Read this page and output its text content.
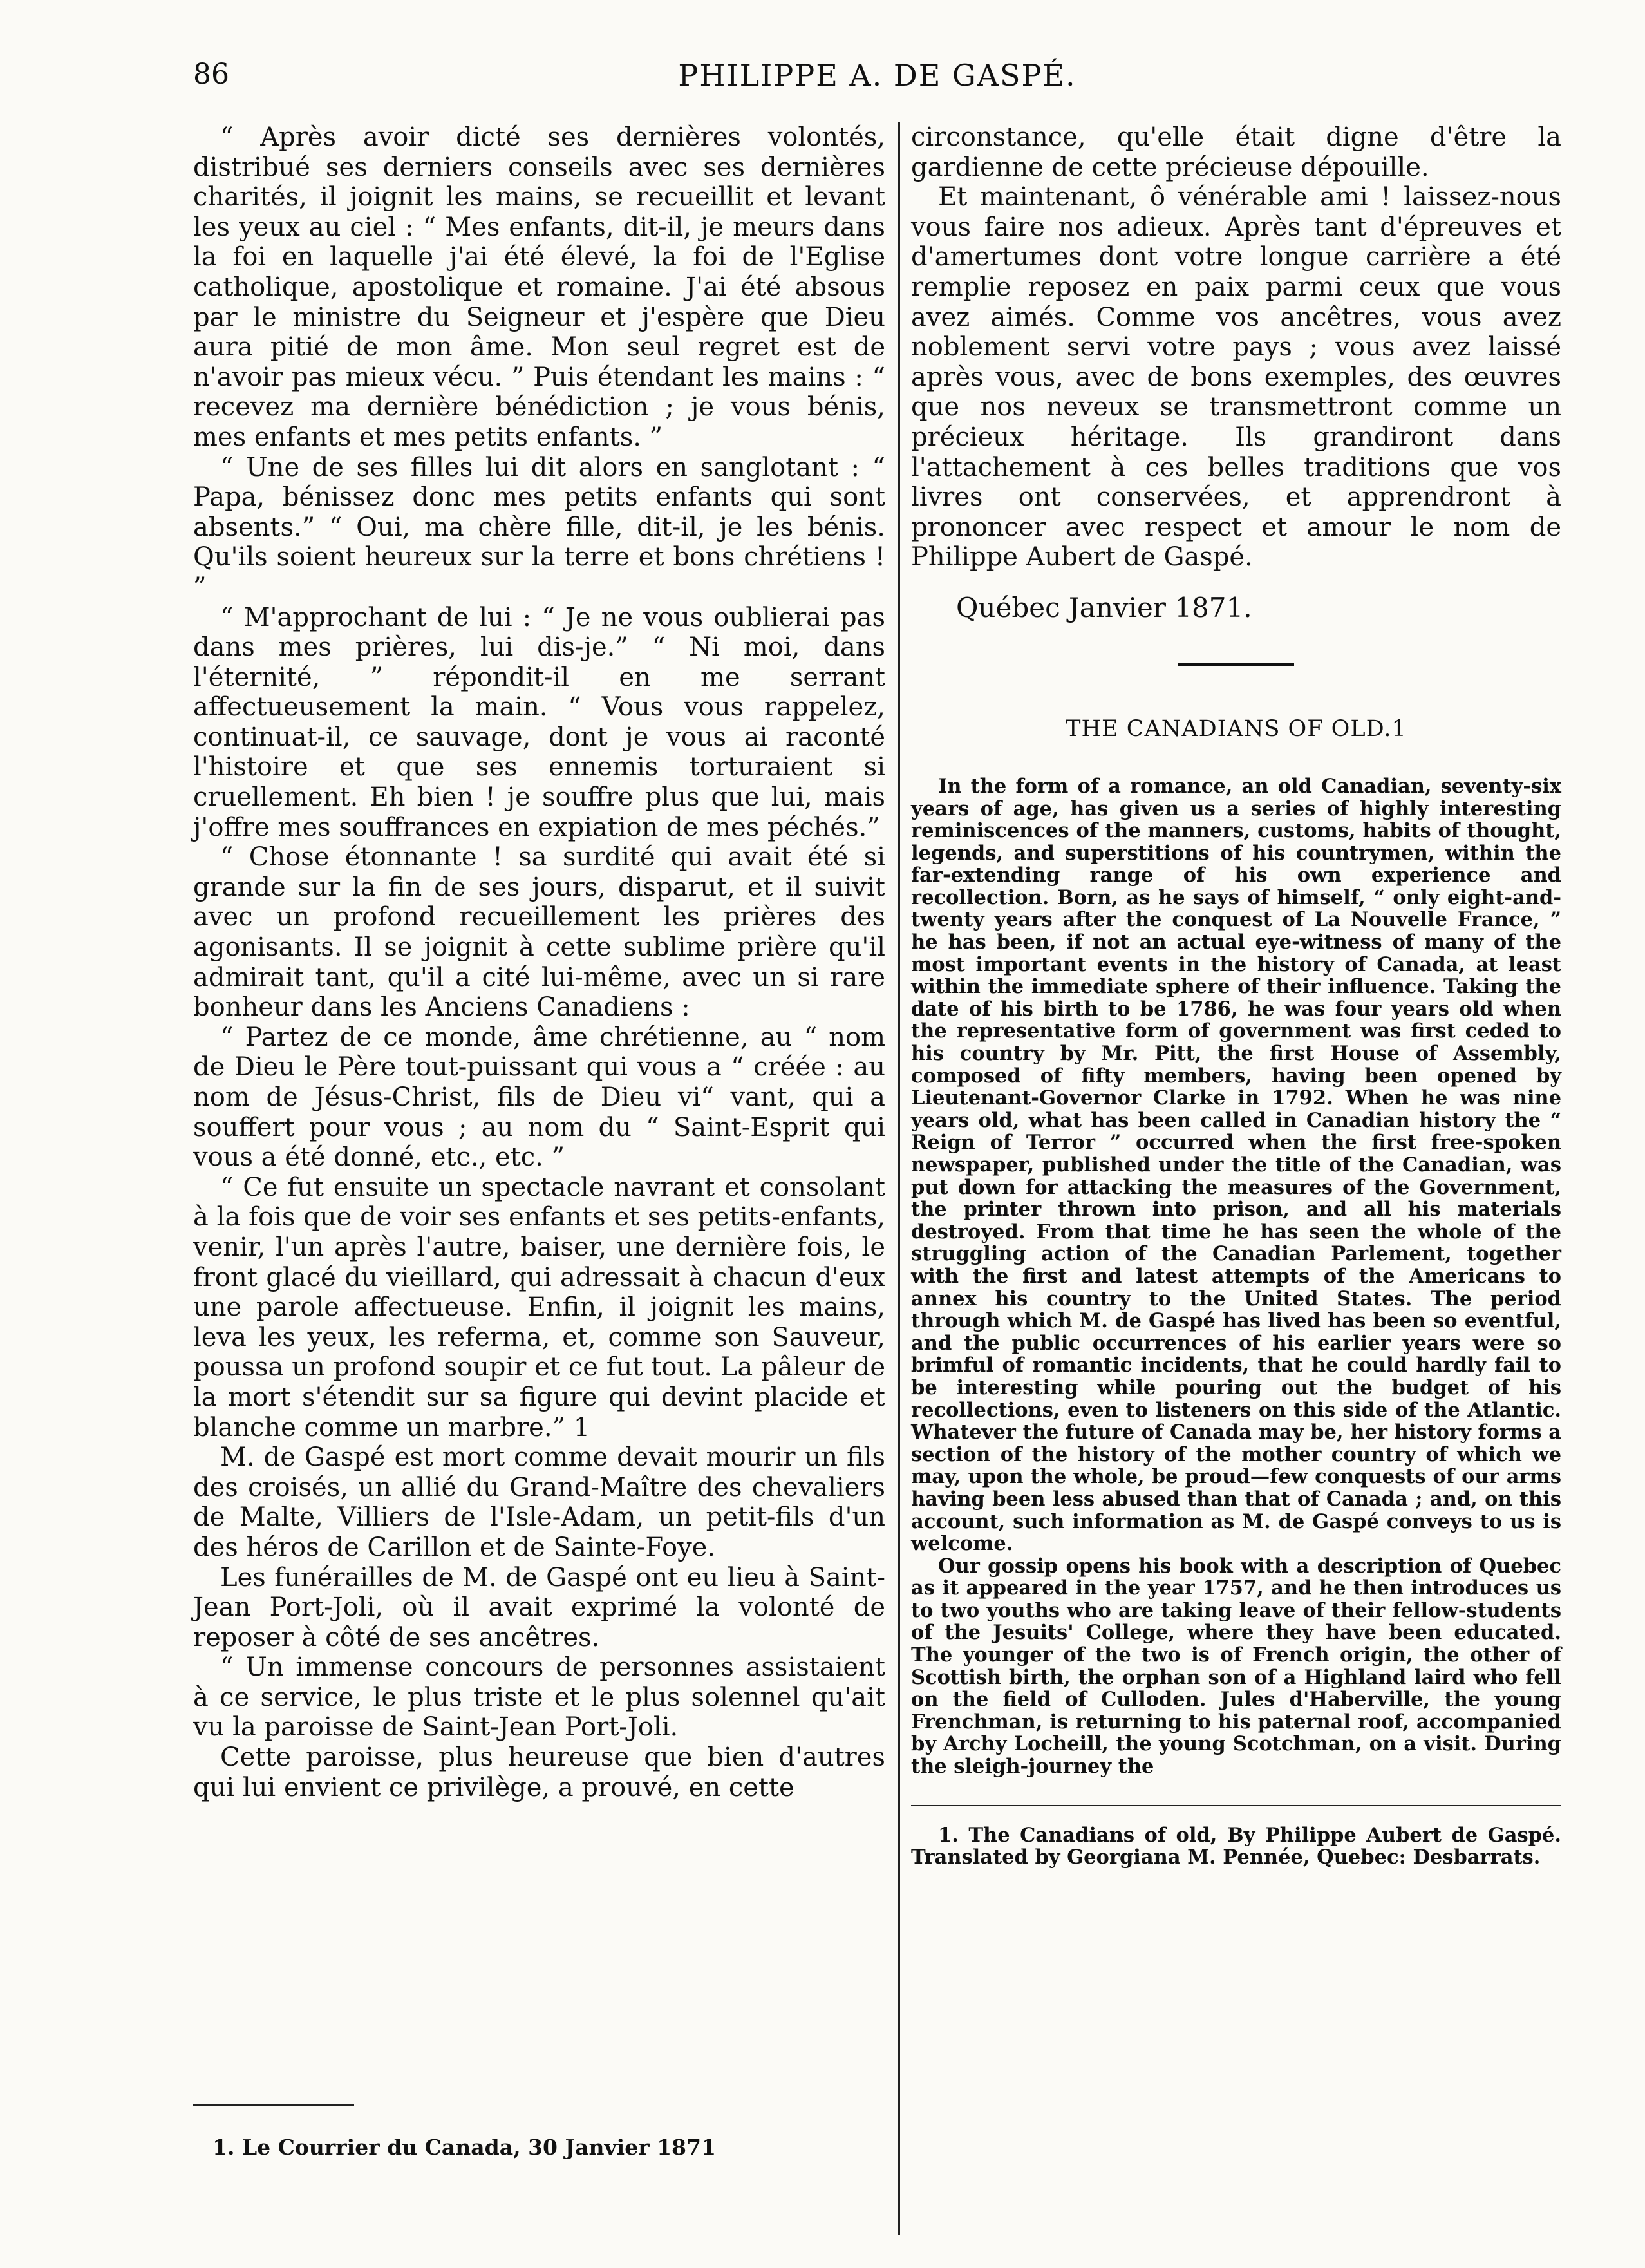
86	PHILIPPE A. DE GASPÉ.

“ Après avoir dicté ses dernières volontés, distribué ses derniers conseils avec ses dernières charités, il joignit les mains, se recueillit et levant les yeux au ciel : “ Mes enfants, dit-il, je meurs dans la foi en laquelle j'ai été élevé, la foi de l'Eglise catholique, apostolique et romaine. J'ai été absous par le ministre du Seigneur et j'espère que Dieu aura pitié de mon âme. Mon seul regret est de n'avoir pas mieux vécu. ” Puis étendant les mains : “ recevez ma dernière bénédiction ; je vous bénis, mes enfants et mes petits enfants. ”

“ Une de ses filles lui dit alors en sanglotant : “ Papa, bénissez donc mes petits enfants qui sont absents.” “ Oui, ma chère fille, dit-il, je les bénis. Qu'ils soient heureux sur la terre et bons chrétiens ! ”

“ M'approchant de lui : “ Je ne vous oublierai pas dans mes prières, lui dis-je.” “ Ni moi, dans l'éternité, ” répondit-il en me serrant affectueusement la main. “ Vous vous rappelez, continuat-il, ce sauvage, dont je vous ai raconté l'histoire et que ses ennemis torturaient si cruellement. Eh bien ! je souffre plus que lui, mais j'offre mes souffrances en expiation de mes péchés.”

“ Chose étonnante ! sa surdité qui avait été si grande sur la fin de ses jours, disparut, et il suivit avec un profond recueillement les prières des agonisants. Il se joignit à cette sublime prière qu'il admirait tant, qu'il a cité lui-même, avec un si rare bonheur dans les Anciens Canadiens :

“ Partez de ce monde, âme chrétienne, au “ nom de Dieu le Père tout-puissant qui vous a “ créée : au nom de Jésus-Christ, fils de Dieu vi“ vant, qui a souffert pour vous ; au nom du “ Saint-Esprit qui vous a été donné, etc., etc. ”

“ Ce fut ensuite un spectacle navrant et consolant à la fois que de voir ses enfants et ses petits-enfants, venir, l'un après l'autre, baiser, une dernière fois, le front glacé du vieillard, qui adressait à chacun d'eux une parole affectueuse. Enfin, il joignit les mains, leva les yeux, les referma, et, comme son Sauveur, poussa un profond soupir et ce fut tout. La pâleur de la mort s'étendit sur sa figure qui devint placide et blanche comme un marbre.” 1

M. de Gaspé est mort comme devait mourir un fils des croisés, un allié du Grand-Maître des chevaliers de Malte, Villiers de l'Isle-Adam, un petit-fils d'un des héros de Carillon et de Sainte-Foye.

Les funérailles de M. de Gaspé ont eu lieu à Saint-Jean Port-Joli, où il avait exprimé la volonté de reposer à côté de ses ancêtres.

“ Un immense concours de personnes assistaient à ce service, le plus triste et le plus solennel qu'ait vu la paroisse de Saint-Jean Port-Joli.

Cette paroisse, plus heureuse que bien d'autres qui lui envient ce privilège, a prouvé, en cette

1. Le Courrier du Canada, 30 Janvier 1871

circonstance, qu'elle était digne d'être la gardienne de cette précieuse dépouille.

Et maintenant, ô vénérable ami ! laissez-nous vous faire nos adieux. Après tant d'épreuves et d'amertumes dont votre longue carrière a été remplie reposez en paix parmi ceux que vous avez aimés. Comme vos ancêtres, vous avez noblement servi votre pays ; vous avez laissé après vous, avec de bons exemples, des œuvres que nos neveux se transmettront comme un précieux héritage. Ils grandiront dans l'attachement à ces belles traditions que vos livres ont conservées, et apprendront à prononcer avec respect et amour le nom de Philippe Aubert de Gaspé.

Québec Janvier 1871.

THE CANADIANS OF OLD.1

In the form of a romance, an old Canadian, seventy-six years of age, has given us a series of highly interesting reminiscences of the manners, customs, habits of thought, legends, and superstitions of his countrymen, within the far-extending range of his own experience and recollection. Born, as he says of himself, “ only eight-and-twenty years after the conquest of La Nouvelle France, ” he has been, if not an actual eye-witness of many of the most important events in the history of Canada, at least within the immediate sphere of their influence. Taking the date of his birth to be 1786, he was four years old when the representative form of government was first ceded to his country by Mr. Pitt, the first House of Assembly, composed of fifty members, having been opened by Lieutenant-Governor Clarke in 1792. When he was nine years old, what has been called in Canadian history the “ Reign of Terror ” occurred when the first free-spoken newspaper, published under the title of the Canadian, was put down for attacking the measures of the Government, the printer thrown into prison, and all his materials destroyed. From that time he has seen the whole of the struggling action of the Canadian Parlement, together with the first and latest attempts of the Americans to annex his country to the United States. The period through which M. de Gaspé has lived has been so eventful, and the public occurrences of his earlier years were so brimful of romantic incidents, that he could hardly fail to be interesting while pouring out the budget of his recollections, even to listeners on this side of the Atlantic. Whatever the future of Canada may be, her history forms a section of the history of the mother country of which we may, upon the whole, be proud—few conquests of our arms having been less abused than that of Canada ; and, on this account, such information as M. de Gaspé conveys to us is welcome.

Our gossip opens his book with a description of Quebec as it appeared in the year 1757, and he then introduces us to two youths who are taking leave of their fellow-students of the Jesuits' College, where they have been educated. The younger of the two is of French origin, the other of Scottish birth, the orphan son of a Highland laird who fell on the field of Culloden. Jules d'Haberville, the young Frenchman, is returning to his paternal roof, accompanied by Archy Locheill, the young Scotchman, on a visit. During the sleigh-journey the

1. The Canadians of old, By Philippe Aubert de Gaspé. Translated by Georgiana M. Pennée, Quebec: Desbarrats.
